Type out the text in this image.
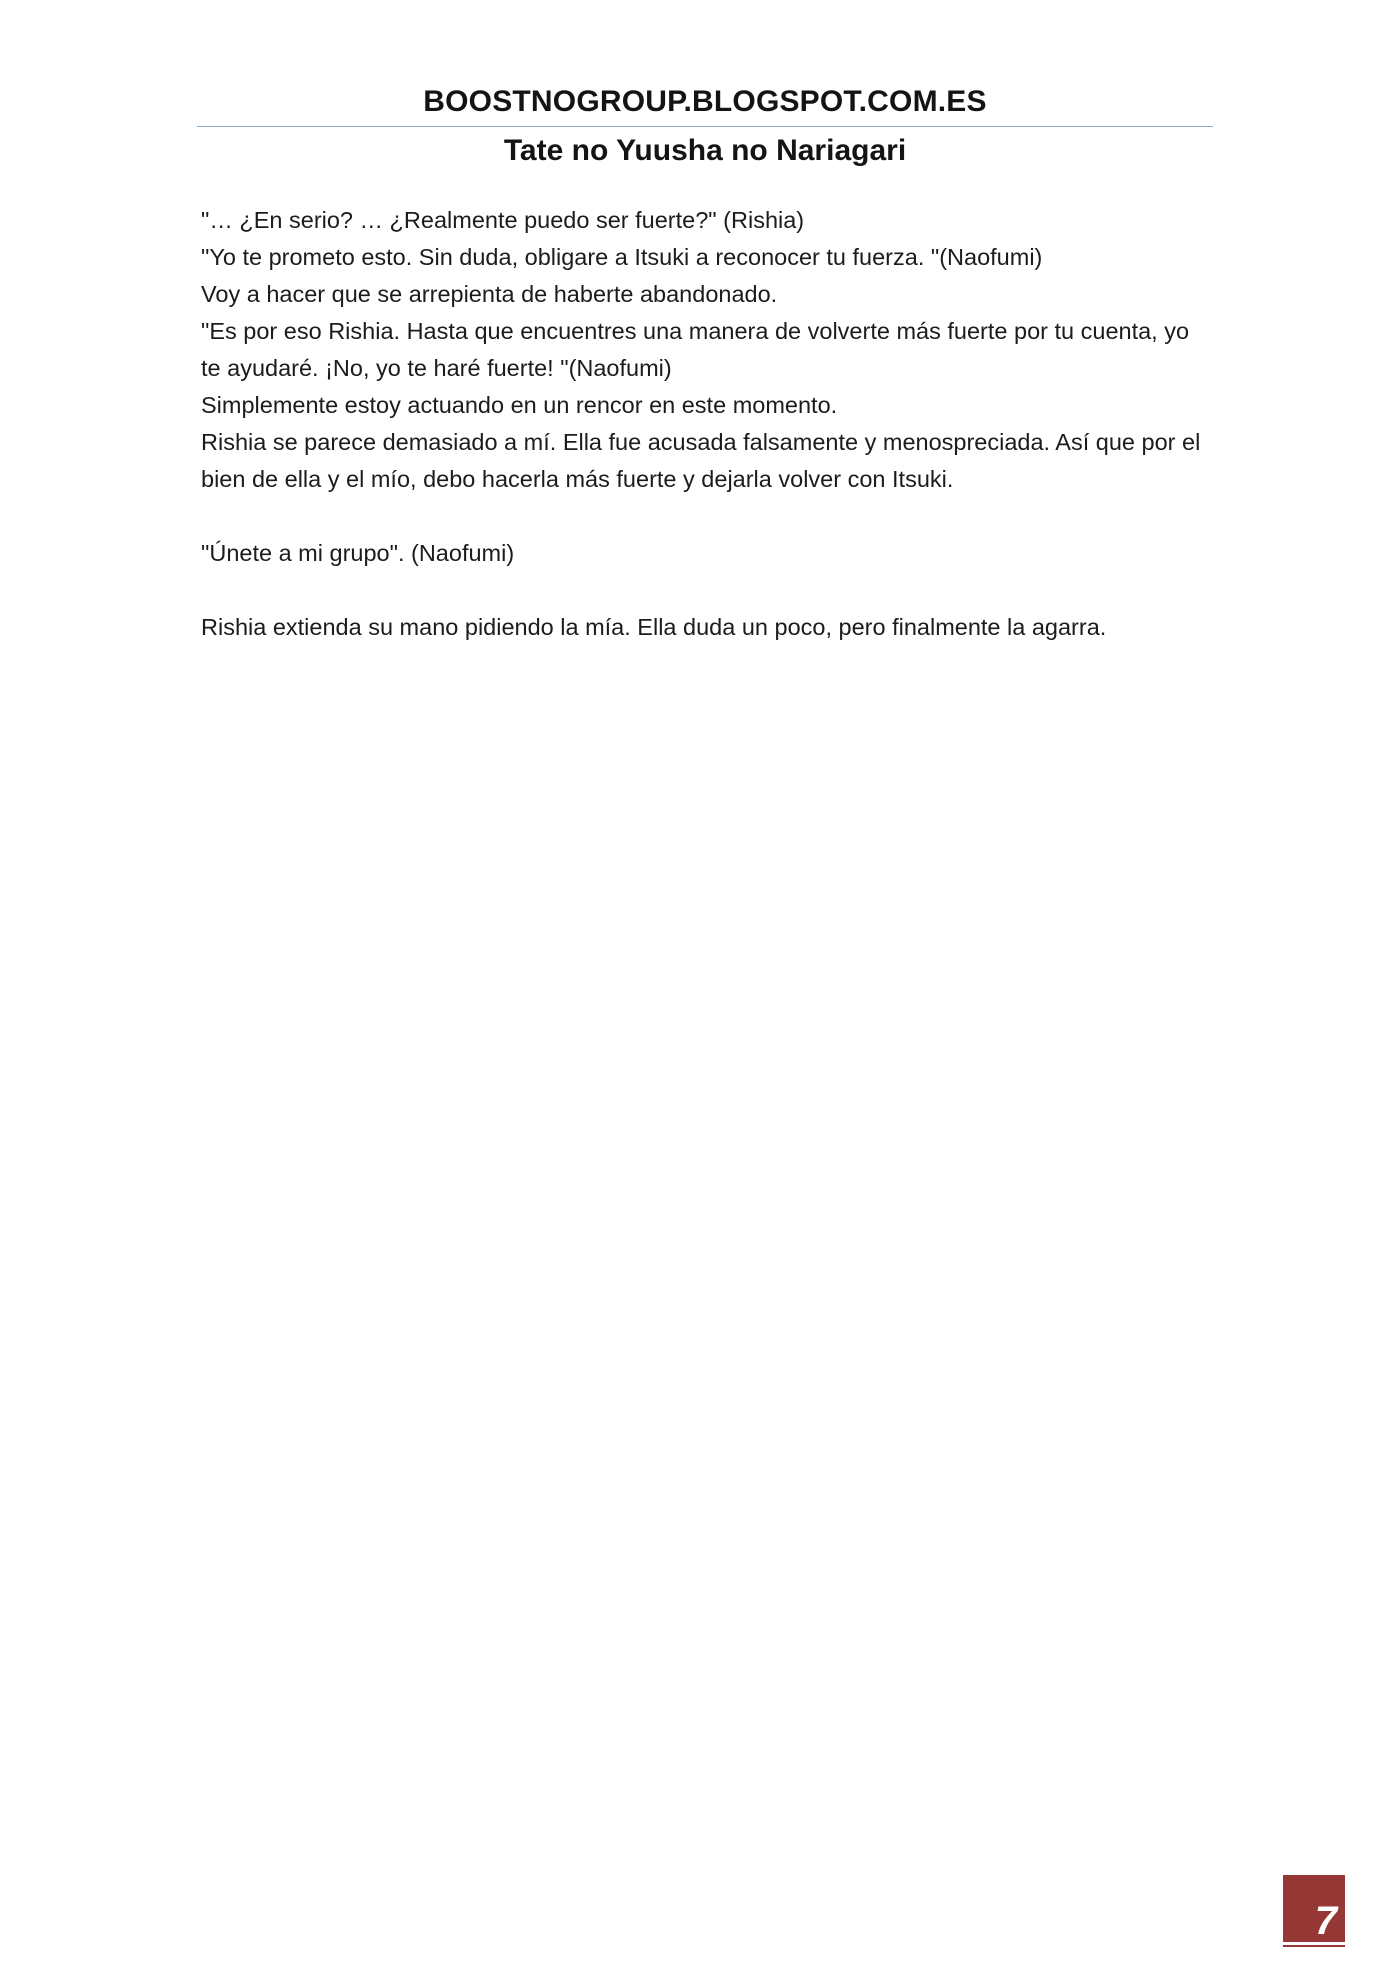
BOOSTNOGROUP.BLOGSPOT.COM.ES
Tate no Yuusha no Nariagari

"… ¿En serio? … ¿Realmente puedo ser fuerte?" (Rishia)

"Yo te prometo esto. Sin duda, obligare a Itsuki a reconocer tu fuerza. "(Naofumi)

Voy a hacer que se arrepienta de haberte abandonado.

"Es por eso Rishia. Hasta que encuentres una manera de volverte más fuerte por tu cuenta, yo te ayudaré. ¡No, yo te haré fuerte! "(Naofumi)

Simplemente estoy actuando en un rencor en este momento.

Rishia se parece demasiado a mí. Ella fue acusada falsamente y menospreciada. Así que por el bien de ella y el mío, debo hacerla más fuerte y dejarla volver con Itsuki.

"Únete a mi grupo". (Naofumi)

Rishia extienda su mano pidiendo la mía. Ella duda un poco, pero finalmente la agarra.

7
